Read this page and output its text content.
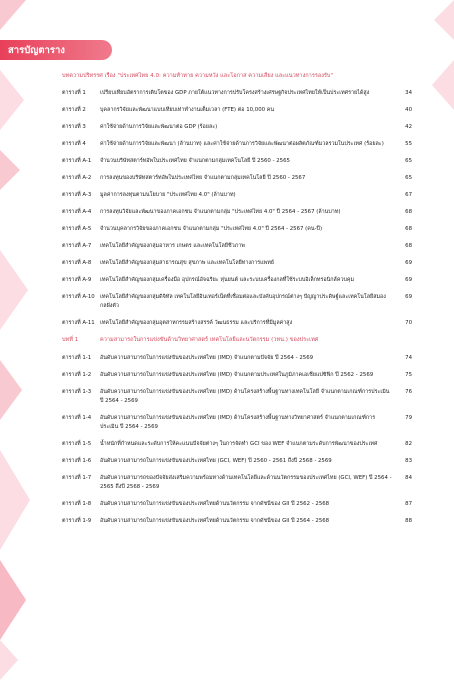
สารบัญตาราง
บทความปริทรรศ เรื่อง "ประเทศไทย 4.0: ความท้าทาย ความหวัง และโอกาส ความเสี่ยง และแนวทางการรองรับ"
ตารางที่ 1	เปรียบเทียบอัตราการเติบโตของ GDP ภายใต้แนวทางการปรับโครงสร้างเศรษฐกิจประเทศไทยให้เป็นประเทศรายได้สูง	34
ตารางที่ 2	บุคลากรวิจัยและพัฒนาแบบเทียบเท่าทำงานเต็มเวลา (FTE) ต่อ 10,000 คน	40
ตารางที่ 3	ค่าใช้จ่ายด้านการวิจัยและพัฒนาต่อ GDP (ร้อยละ)	42
ตารางที่ 4	ค่าใช้จ่ายด้านการวิจัยและพัฒนา (ล้านบาท) และค่าใช้จ่ายด้านการวิจัยและพัฒนาต่อผลิตภัณฑ์มวลรวมในประเทศ (ร้อยละ)	55
ตารางที่ A-1	จำนวนบริษัทสตาร์ทอัพในประเทศไทย จำแนกตามกลุ่มเทคโนโลยี ปี 2560 - 2565	65
ตารางที่ A-2	การลงทุนของบริษัทสตาร์ทอัพในประเทศไทย จำแนกตามกลุ่มเทคโนโลยี ปี 2560 - 2567	65
ตารางที่ A-3	มูลค่าการลงทุนตามนโยบาย "ประเทศไทย 4.0" (ล้านบาท)	67
ตารางที่ A-4	การลงทุนวิจัยและพัฒนาของภาคเอกชน จำแนกตามกลุ่ม "ประเทศไทย 4.0" ปี 2564 - 2567 (ล้านบาท)	68
ตารางที่ A-5	จำนวนบุคลากรวิจัยของภาคเอกชน จำแนกตามกลุ่ม "ประเทศไทย 4.0" ปี 2564 - 2567 (คน-ปี)	68
ตารางที่ A-7	เทคโนโลยีสำคัญของกลุ่มอาหาร เกษตร และเทคโนโลยีชีวภาพ	68
ตารางที่ A-8	เทคโนโลยีสำคัญของกลุ่มสาธารณสุข สุขภาพ และเทคโนโลยีทางการแพทย์	69
ตารางที่ A-9	เทคโนโลยีสำคัญของกลุ่มเครื่องมือ อุปกรณ์อัจฉริยะ หุ่นยนต์ และระบบเครื่องกลที่ใช้ระบบอิเล็กทรอนิกส์ควบคุม	69
ตารางที่ A-10 เทคโนโลยีสำคัญของกลุ่มดิจิทัล เทคโนโลยีอินเทอร์เน็ตที่เชื่อมต่อและบังคับอุปกรณ์ต่างๆ ปัญญาประดิษฐ์และเทคโนโลยีสมองกลฝังตัว
69
ตารางที่ A-11 เทคโนโลยีสำคัญของกลุ่มอุตสาหกรรมสร้างสรรค์ วัฒนธรรม และบริการที่มีมูลค่าสูง	70
บทที่ 1	ความสามารถในการแข่งขันด้านวิทยาศาสตร์ เทคโนโลยีและนวัตกรรม (วทน.) ของประเทศ
ตารางที่ 1-1	อันดับความสามารถในการแข่งขันของประเทศไทย (IMD) จำแนกตามปัจจัย ปี 2564 - 2569	74
ตารางที่ 1-2	อันดับความสามารถในการแข่งขันของประเทศไทย (IMD) จำแนกตามประเทศในภูมิภาคเอเชียแปซิฟิก ปี 2562 - 2569	75
ตารางที่ 1-3	อันดับความสามารถในการแข่งขันของประเทศไทย (IMD) ด้านโครงสร้างพื้นฐานทางเทคโนโลยี จำแนกตามเกณฑ์การประเมิน ปี 2564 - 2569
76
ตารางที่ 1-4	อันดับความสามารถในการแข่งขันของประเทศไทย (IMD) ด้านโครงสร้างพื้นฐานทางวิทยาศาสตร์ จำแนกตามเกณฑ์การประเมิน ปี 2564 - 2569
79
ตารางที่ 1-5	น้ำหนักที่กำหนดและระดับการให้คะแนนปัจจัยต่างๆ ในการจัดทำ GCI ของ WEF จำแนกตามระดับการพัฒนาของประเทศ	82
ตารางที่ 1-6	อันดับความสามารถในการแข่งขันของประเทศไทย (GCI, WEF) ปี 2560 - 2561 ถึงปี 2568 - 2569	83
ตารางที่ 1-7	อันดับความสามารถของปัจจัยส่งเสริมความพร้อมทางด้านเทคโนโลยีและด้านนวัตกรรมของประเทศไทย (GCI, WEF) ปี 2564 - 2565 ถึงปี 2568 - 2569
84
ตารางที่ 1-8	อันดับความสามารถในการแข่งขันของประเทศไทยด้านนวัตกรรม จากดัชนีของ GII ปี 2562 - 2568	87
ตารางที่ 1-9	อันดับความสามารถในการแข่งขันของประเทศไทยด้านนวัตกรรม จากดัชนีของ GII ปี 2564 - 2568	88
